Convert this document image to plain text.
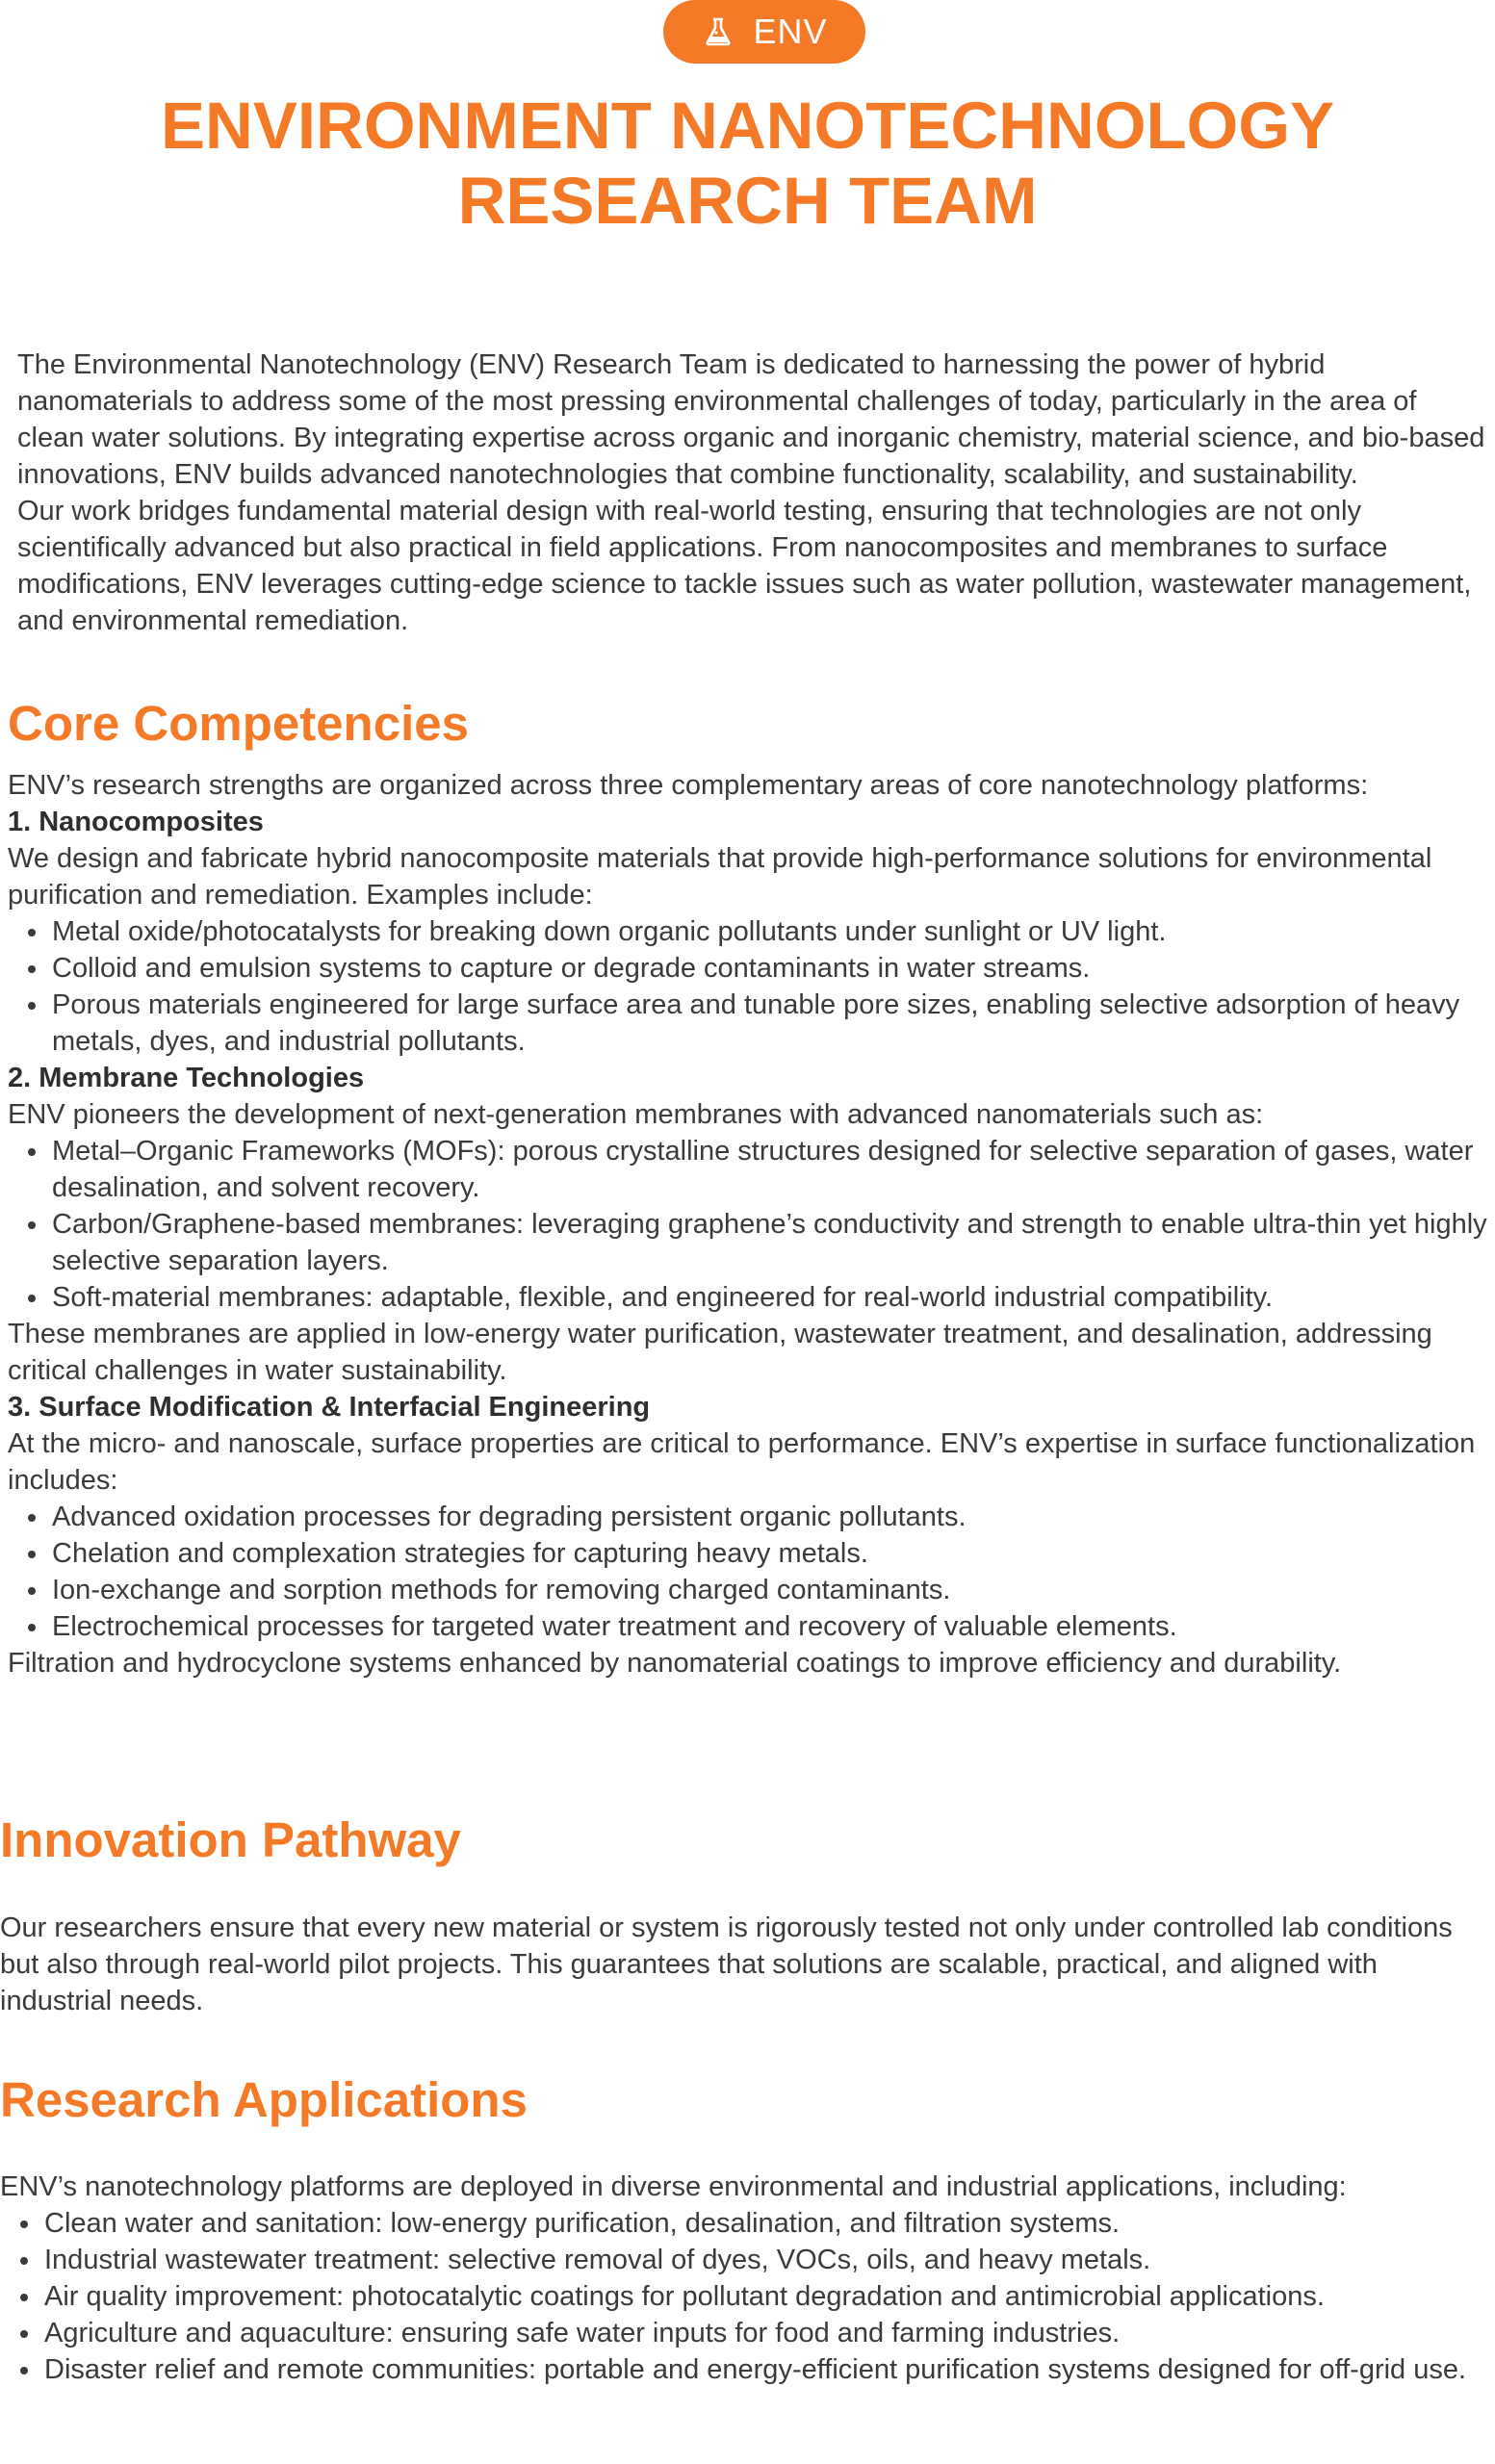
ENV
ENVIRONMENT NANOTECHNOLOGY
RESEARCH TEAM

The Environmental Nanotechnology (ENV) Research Team is dedicated to harnessing the power of hybrid nanomaterials to address some of the most pressing environmental challenges of today, particularly in the area of clean water solutions. By integrating expertise across organic and inorganic chemistry, material science, and bio-based innovations, ENV builds advanced nanotechnologies that combine functionality, scalability, and sustainability.

Our work bridges fundamental material design with real-world testing, ensuring that technologies are not only scientifically advanced but also practical in field applications. From nanocomposites and membranes to surface modifications, ENV leverages cutting-edge science to tackle issues such as water pollution, wastewater management, and environmental remediation.

Core Competencies

ENV’s research strengths are organized across three complementary areas of core nanotechnology platforms:

1. Nanocomposites

We design and fabricate hybrid nanocomposite materials that provide high-performance solutions for environmental purification and remediation. Examples include:

Metal oxide/photocatalysts for breaking down organic pollutants under sunlight or UV light.
Colloid and emulsion systems to capture or degrade contaminants in water streams.
Porous materials engineered for large surface area and tunable pore sizes, enabling selective adsorption of heavy metals, dyes, and industrial pollutants.

2. Membrane Technologies

ENV pioneers the development of next-generation membranes with advanced nanomaterials such as:

Metal–Organic Frameworks (MOFs): porous crystalline structures designed for selective separation of gases, water desalination, and solvent recovery.
Carbon/Graphene-based membranes: leveraging graphene’s conductivity and strength to enable ultra-thin yet highly selective separation layers.
Soft-material membranes: adaptable, flexible, and engineered for real-world industrial compatibility.

These membranes are applied in low-energy water purification, wastewater treatment, and desalination, addressing critical challenges in water sustainability.

3. Surface Modification & Interfacial Engineering

At the micro- and nanoscale, surface properties are critical to performance. ENV’s expertise in surface functionalization includes:

Advanced oxidation processes for degrading persistent organic pollutants.
Chelation and complexation strategies for capturing heavy metals.
Ion-exchange and sorption methods for removing charged contaminants.
Electrochemical processes for targeted water treatment and recovery of valuable elements.

Filtration and hydrocyclone systems enhanced by nanomaterial coatings to improve efficiency and durability.

Innovation Pathway

Our researchers ensure that every new material or system is rigorously tested not only under controlled lab conditions but also through real-world pilot projects. This guarantees that solutions are scalable, practical, and aligned with industrial needs.

Research Applications

ENV’s nanotechnology platforms are deployed in diverse environmental and industrial applications, including:

Clean water and sanitation: low-energy purification, desalination, and filtration systems.
Industrial wastewater treatment: selective removal of dyes, VOCs, oils, and heavy metals.
Air quality improvement: photocatalytic coatings for pollutant degradation and antimicrobial applications.
Agriculture and aquaculture: ensuring safe water inputs for food and farming industries.
Disaster relief and remote communities: portable and energy-efficient purification systems designed for off-grid use.
